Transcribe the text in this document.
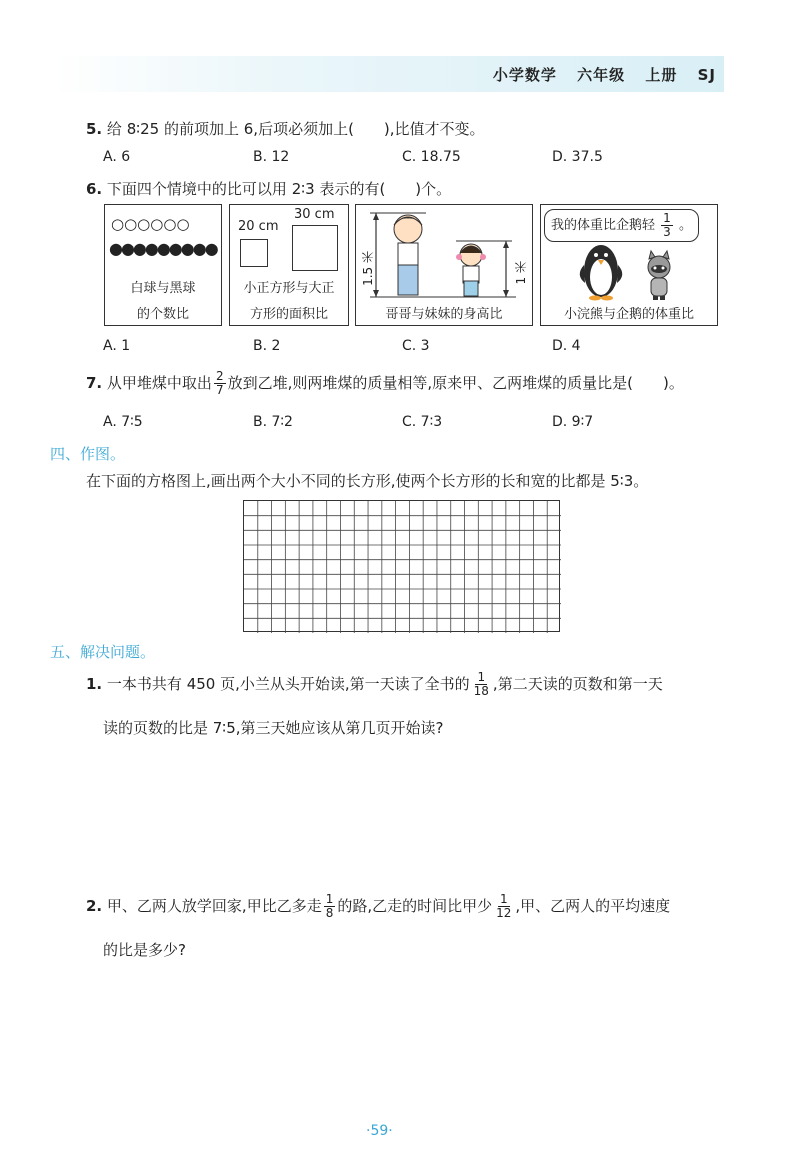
小学数学 六年级 上册 SJ
5. 给 8∶25 的前项加上 6,后项必须加上(　　),比值才不变。
A. 6	B. 12	C. 18.75	D. 37.5
6. 下面四个情境中的比可以用 2∶3 表示的有(　　)个。
○○○○○○
●●●●●●●●●
白球与黑球
的个数比
20 cm
30 cm
小正方形与大正
方形的面积比
1.5 米	1 米
哥哥与妹妹的身高比
我的体重比企鹅轻 $\frac{1}{3}$ 。
小浣熊与企鹅的体重比
A. 1	B. 2	C. 3	D. 4
7. 从甲堆煤中取出 $\frac{2}{7}$ 放到乙堆,则两堆煤的质量相等,原来甲、乙两堆煤的质量比是(　　)。
A. 7∶5	B. 7∶2	C. 7∶3	D. 9∶7
四、作图。
在下面的方格图上,画出两个大小不同的长方形,使两个长方形的长和宽的比都是 5∶3。
五、解决问题。
1. 一本书共有 450 页,小兰从头开始读,第一天读了全书的 $\frac{1}{18}$ ,第二天读的页数和第一天
读的页数的比是 7∶5,第三天她应该从第几页开始读?
2. 甲、乙两人放学回家,甲比乙多走 $\frac{1}{8}$ 的路,乙走的时间比甲少 $\frac{1}{12}$ ,甲、乙两人的平均速度
的比是多少?
·59·
